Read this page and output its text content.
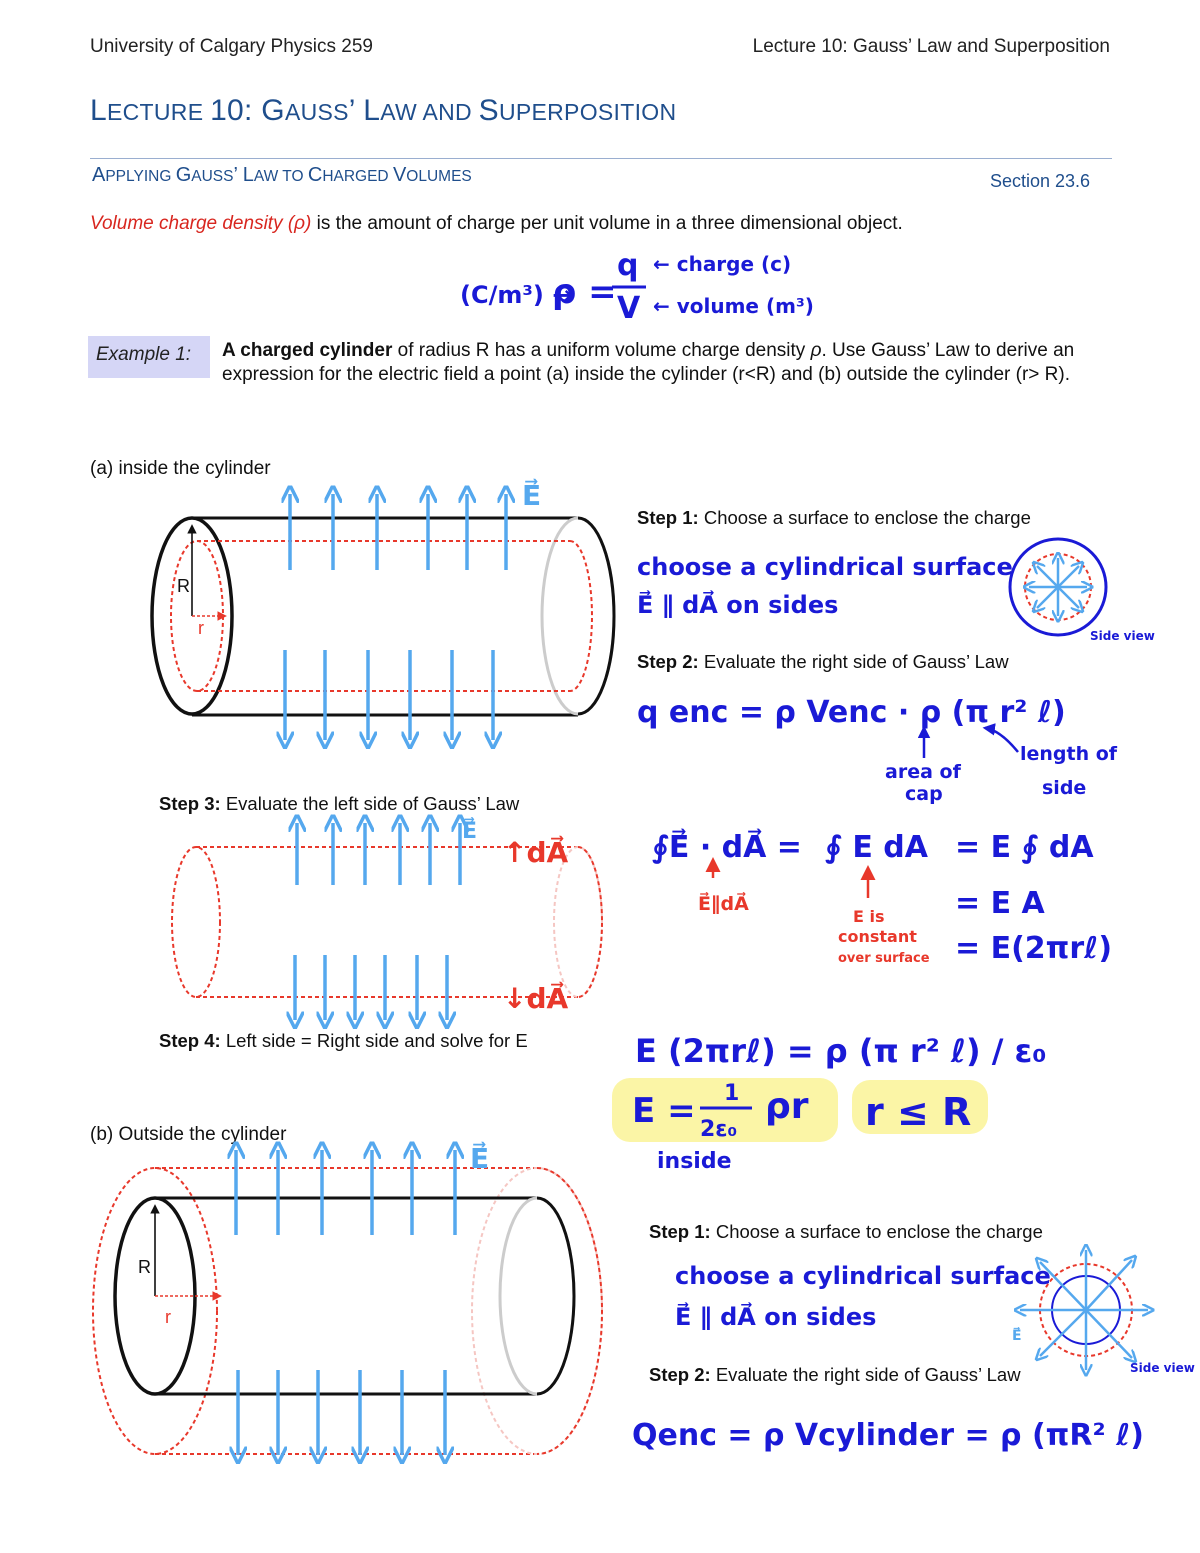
University of Calgary Physics 259	Lecture 10: Gauss’ Law and Superposition
LECTURE 10: GAUSS’ LAW AND SUPERPOSITION
APPLYING GAUSS’ LAW TO CHARGED VOLUMES	Section 23.6
Volume charge density (ρ) is the amount of charge per unit volume in a three dimensional object.
Example 1: A charged cylinder of radius R has a uniform volume charge density ρ. Use Gauss’ Law to derive an expression for the electric field a point (a) inside the cylinder (r<R) and (b) outside the cylinder (r> R).
(a) inside the cylinder
(b) Outside the cylinder
Step 1: Choose a surface to enclose the charge
Step 2: Evaluate the right side of Gauss’ Law
Step 3: Evaluate the left side of Gauss’ Law
Step 4: Left side = Right side and solve for E
Step 1: Choose a surface to enclose the charge
Step 2: Evaluate the right side of Gauss’ Law
(C/m³) →
ρ =
q
V
← charge (c)
← volume (m³)
R
r
E⃗
choose a cylindrical surface
E⃗ ∥ dA⃗ on sides
Side view
q enc = ρ Venc · ρ (π r² ℓ)
area of
cap
length of
side
∮E⃗ · dA⃗ = ∮ E dA = E ∮ dA
= E A
= E(2πrℓ)
E⃗∥dA⃗
E is
constant
over surface
E⃗
↑dA⃗
↓dA⃗
E (2πrℓ) = ρ (π r² ℓ) / ε₀
E = 1
2ε₀
ρr r ≤ R
inside
R
r
E⃗
choose a cylindrical surface
E⃗ ∥ dA⃗ on sides
E⃗
Side view
Qenc = ρ Vcylinder = ρ (πR² ℓ)
